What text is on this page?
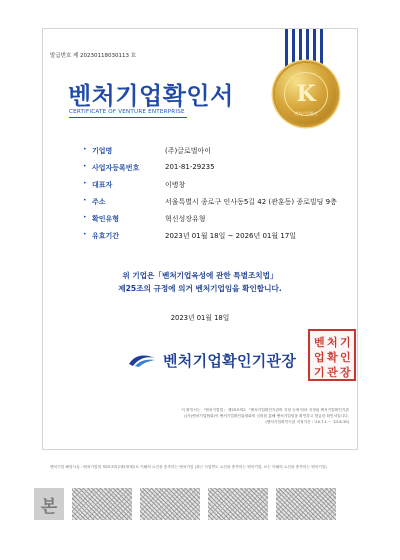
발급번호 제 20230118030113 호
K
벤처기업확인
벤처기업확인서
CERTIFICATE OF VENTURE ENTERPRISE
• 기업명	(주)글로벌아이
• 사업자등록번호	201-81-29235
• 대표자	이병창
• 주소	서울특별시 종로구 인사동5길 42 (관훈동) 종로빌딩 9층
• 확인유형	혁신성장유형
• 유효기간	2023년 01월 18일 ~ 2026년 01월 17일
위 기업은「벤처기업육성에 관한 특별조치법」
제25조의 규정에 의거 벤처기업임을 확인합니다.
2023년 01월 18일
벤처기업확인기관장
벤 처 기
업 확 인
기 관 장
이 확인서는 「벤처기업법」 제25조의2 「벤처기업확인기관의 지정 등에 따라 지정된 벤처기업확인기관
((사)벤처기업협회)이 벤처기업확인위원회의 심의를 통해 벤처기업임을 확인하고 발급한 확인서입니다.
(벤처기업확인기관 지정기간 : '20.7.1 ~ '23.6.30)
벤처기업 해당사유 : 벤처기업법 제25조의2제1항제2호 이해의 요건을 충족하는 벤처기업 (최근 사업연도 요건을 충족하는 벤처기업, 보는 이해의 요건을 충족하는 벤처기업)
본
